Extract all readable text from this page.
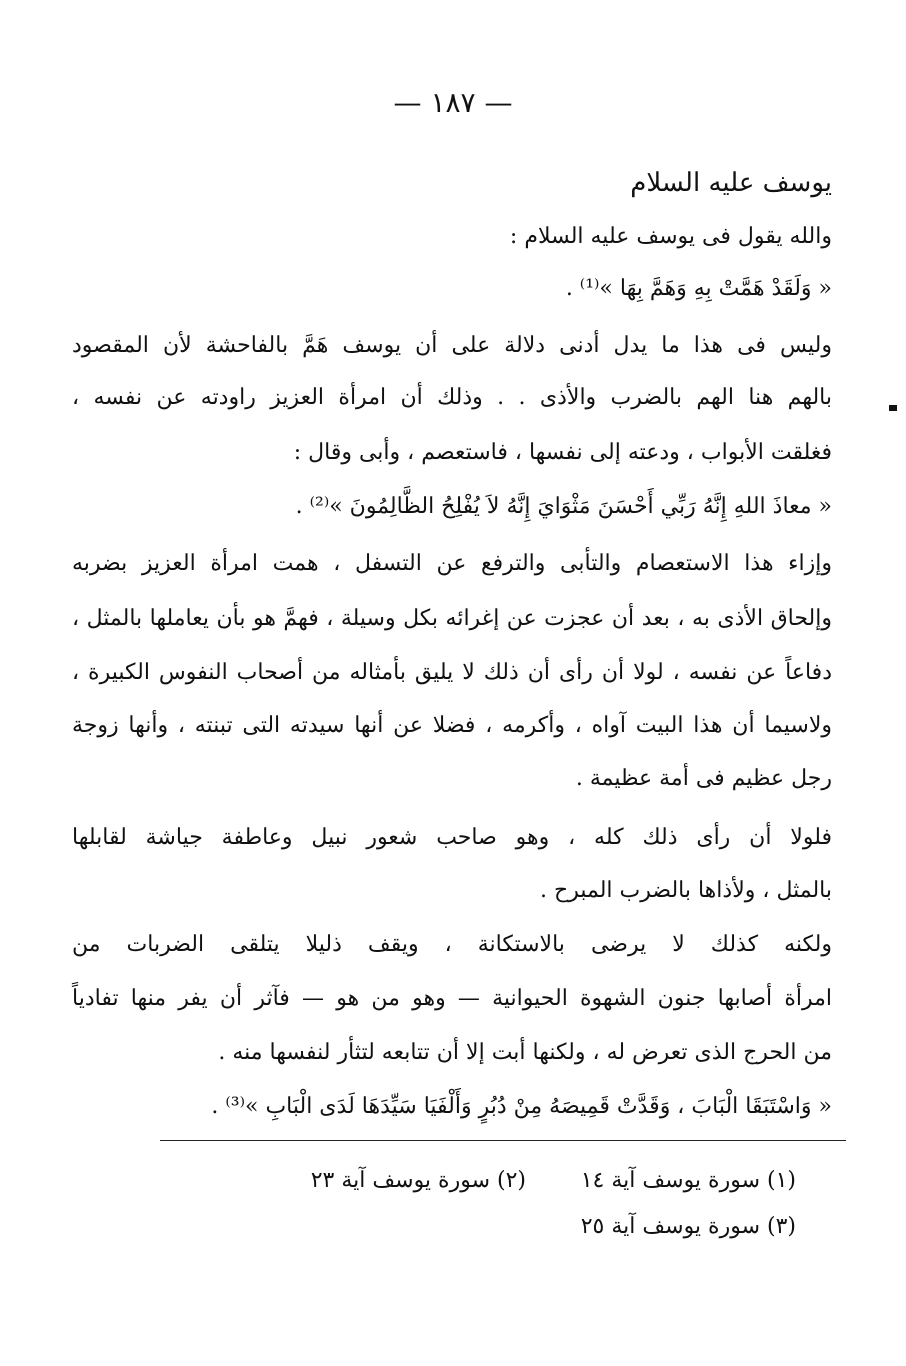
— ١٨٧ —
يوسف عليه السلام
والله يقول فى يوسف عليه السلام :
« وَلَقَدْ هَمَّتْ بِهِ وَهَمَّ بِهَا »⁽¹⁾ .
وليس فى هذا ما يدل أدنى دلالة على أن يوسف هَمَّ بالفاحشة لأن المقصود
بالهم هنا الهم بالضرب والأذى . . وذلك أن امرأة العزيز راودته عن نفسه ،
فغلقت الأبواب ، ودعته إلى نفسها ، فاستعصم ، وأبى وقال :
« معاذَ اللهِ إِنَّهُ رَبِّي أَحْسَنَ مَثْوَايَ إِنَّهُ لاَ يُفْلِحُ الظَّالِمُونَ »⁽²⁾ .
وإزاء هذا الاستعصام والتأبى والترفع عن التسفل ، همت امرأة العزيز بضربه
وإلحاق الأذى به ، بعد أن عجزت عن إغرائه بكل وسيلة ، فهمَّ هو بأن يعاملها بالمثل ،
دفاعاً عن نفسه ، لولا أن رأى أن ذلك لا يليق بأمثاله من أصحاب النفوس الكبيرة ،
ولاسيما أن هذا البيت آواه ، وأكرمه ، فضلا عن أنها سيدته التى تبنته ، وأنها زوجة
رجل عظيم فى أمة عظيمة .
فلولا أن رأى ذلك كله ، وهو صاحب شعور نبيل وعاطفة جياشة لقابلها
بالمثل ، ولأذاها بالضرب المبرح .
ولكنه كذلك لا يرضى بالاستكانة ، ويقف ذليلا يتلقى الضربات من
امرأة أصابها جنون الشهوة الحيوانية — وهو من هو — فآثر أن يفر منها تفادياً
من الحرج الذى تعرض له ، ولكنها أبت إلا أن تتابعه لتثأر لنفسها منه .
« وَاسْتَبَقَا الْبَابَ ، وَقَدَّتْ قَمِيصَهُ مِنْ دُبُرٍ وَأَلْفَيَا سَيِّدَهَا لَدَى الْبَابِ »⁽³⁾ .
(١) سورة يوسف آية ١٤
(٢) سورة يوسف آية ٢٣
(٣) سورة يوسف آية ٢٥
